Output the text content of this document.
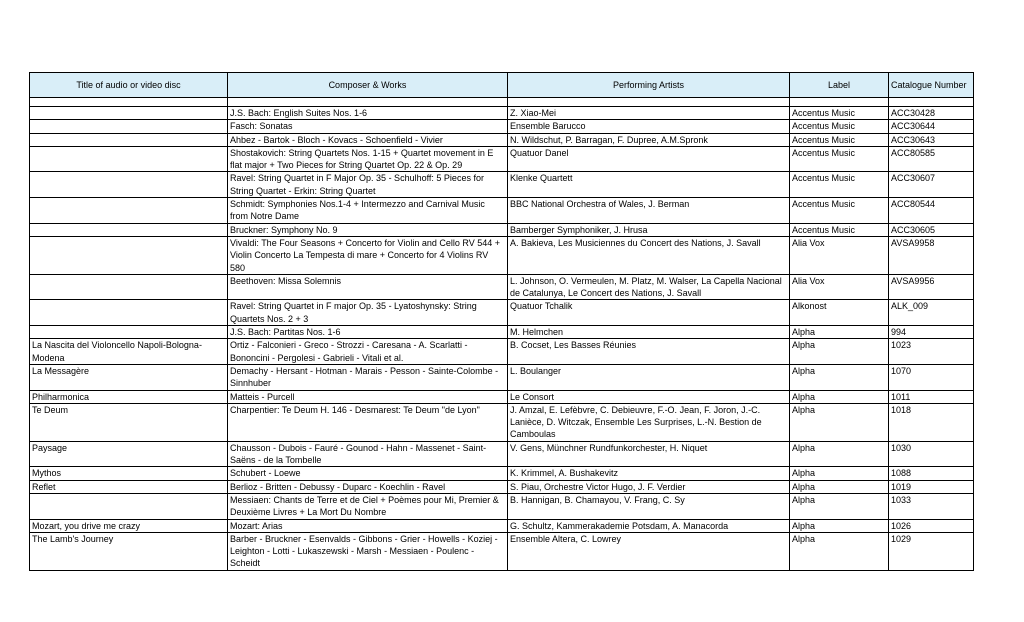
Title of audio or video disc	Composer & Works	Performing Artists	Label	Catalogue Number

	J.S. Bach: English Suites Nos. 1-6	Z. Xiao-Mei	Accentus Music	ACC30428
	Fasch: Sonatas	Ensemble Barucco	Accentus Music	ACC30644
	Ahbez - Bartok - Bloch - Kovacs - Schoenfield - Vivier	N. Wildschut, P. Barragan, F. Dupree, A.M.Spronk	Accentus Music	ACC30643
	Shostakovich: String Quartets Nos. 1-15 + Quartet movement in E flat major + Two Pieces for String Quartet Op. 22 & Op. 29	Quatuor Danel	Accentus Music	ACC80585
	Ravel: String Quartet in F Major Op. 35 - Schulhoff: 5 Pieces for String Quartet - Erkin: String Quartet	Klenke Quartett	Accentus Music	ACC30607
	Schmidt: Symphonies Nos.1-4 + Intermezzo and Carnival Music from Notre Dame	BBC National Orchestra of Wales, J. Berman	Accentus Music	ACC80544
	Bruckner: Symphony No. 9	Bamberger Symphoniker, J. Hrusa	Accentus Music	ACC30605
	Vivaldi: The Four Seasons + Concerto for Violin and Cello RV 544 + Violin Concerto La Tempesta di mare + Concerto for 4 Violins RV 580	A. Bakieva, Les Musiciennes du Concert des Nations, J. Savall	Alia Vox	AVSA9958
	Beethoven: Missa Solemnis	L. Johnson, O. Vermeulen, M. Platz, M. Walser, La Capella Nacional de Catalunya, Le Concert des Nations, J. Savall	Alia Vox	AVSA9956
	Ravel: String Quartet in F major Op. 35 - Lyatoshynsky: String Quartets Nos. 2 + 3	Quatuor Tchalik	Alkonost	ALK_009
	J.S. Bach: Partitas Nos. 1-6	M. Helmchen	Alpha	994
La Nascita del Violoncello Napoli-Bologna-Modena	Ortiz - Falconieri - Greco - Strozzi - Caresana - A. Scarlatti - Bononcini - Pergolesi - Gabrieli - Vitali et al.	B. Cocset, Les Basses Réunies	Alpha	1023
La Messagère	Demachy - Hersant - Hotman - Marais - Pesson - Sainte-Colombe - Sinnhuber	L. Boulanger	Alpha	1070
Philharmonica	Matteis - Purcell	Le Consort	Alpha	1011
Te Deum	Charpentier: Te Deum H. 146 - Desmarest: Te Deum "de Lyon"	J. Amzal, E. Lefèbvre, C. Debieuvre, F.-O. Jean, F. Joron, J.-C. Lanièce, D. Witczak, Ensemble Les Surprises, L.-N. Bestion de Camboulas	Alpha	1018
Paysage	Chausson - Dubois - Fauré - Gounod - Hahn - Massenet - Saint-Saëns - de la Tombelle	V. Gens, Münchner Rundfunkorchester, H. Niquet	Alpha	1030
Mythos	Schubert - Loewe	K. Krimmel, A. Bushakevitz	Alpha	1088
Reflet	Berlioz - Britten - Debussy - Duparc - Koechlin - Ravel	S. Piau, Orchestre Victor Hugo, J. F. Verdier	Alpha	1019
	Messiaen: Chants de Terre et de Ciel + Poèmes pour Mi, Premier & Deuxième Livres + La Mort Du Nombre	B. Hannigan, B. Chamayou, V. Frang, C. Sy	Alpha	1033
Mozart, you drive me crazy	Mozart: Arias	G. Schultz, Kammerakademie Potsdam, A. Manacorda	Alpha	1026
The Lamb's Journey	Barber - Bruckner - Esenvalds - Gibbons - Grier - Howells - Koziej - Leighton - Lotti - Lukaszewski - Marsh - Messiaen - Poulenc - Scheidt	Ensemble Altera, C. Lowrey	Alpha	1029
